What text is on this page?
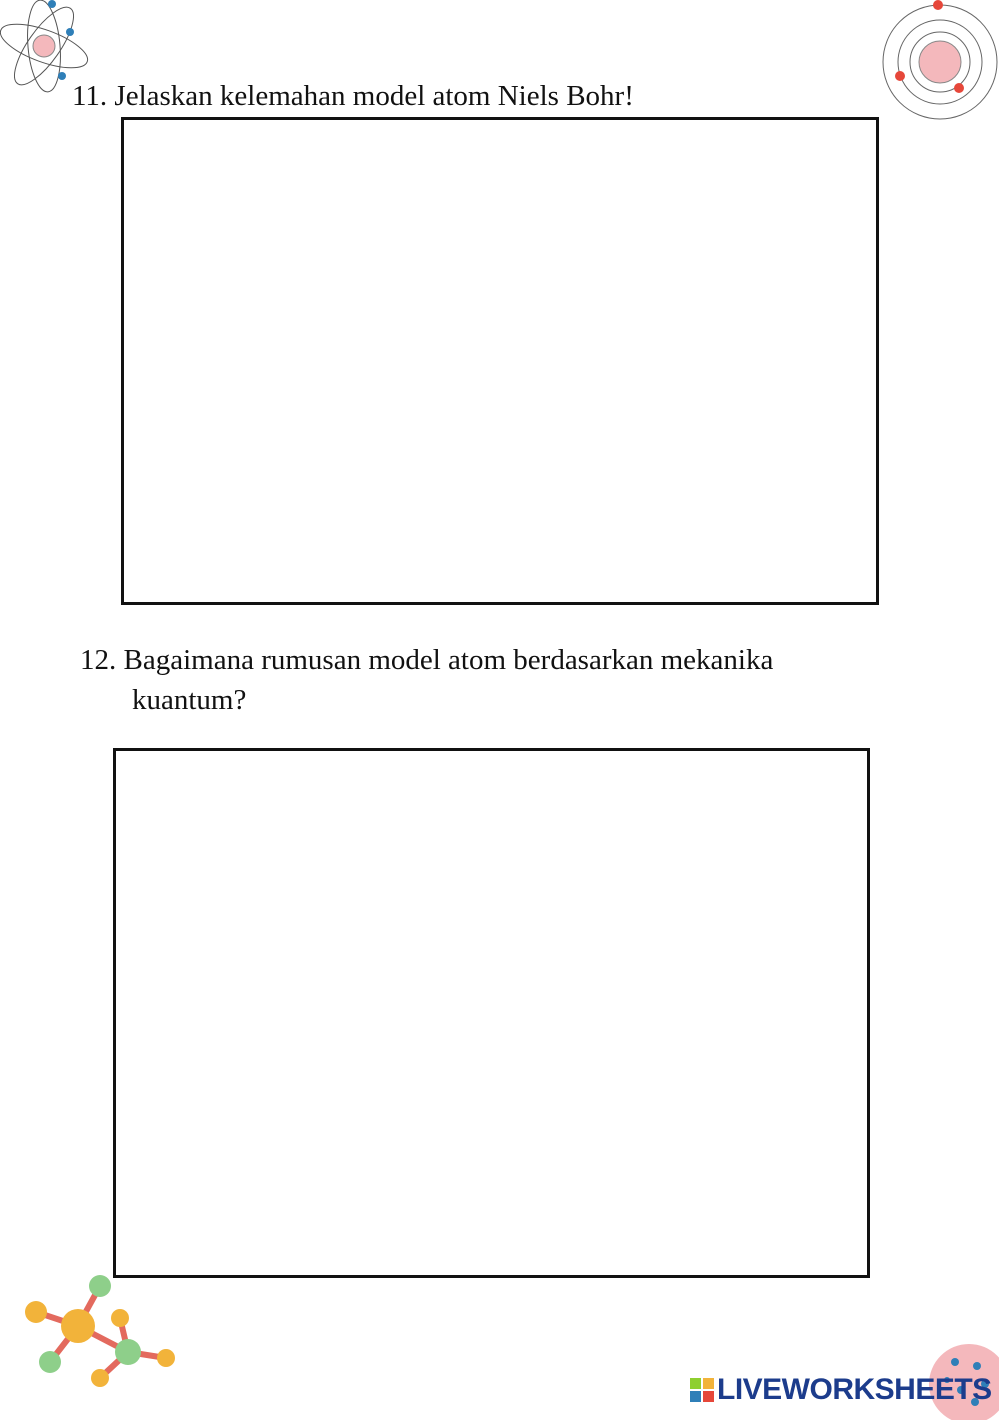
11. Jelaskan kelemahan model atom Niels Bohr!

12. Bagaimana rumusan model atom berdasarkan mekanika
kuantum?

LIVEWORKSHEETS
